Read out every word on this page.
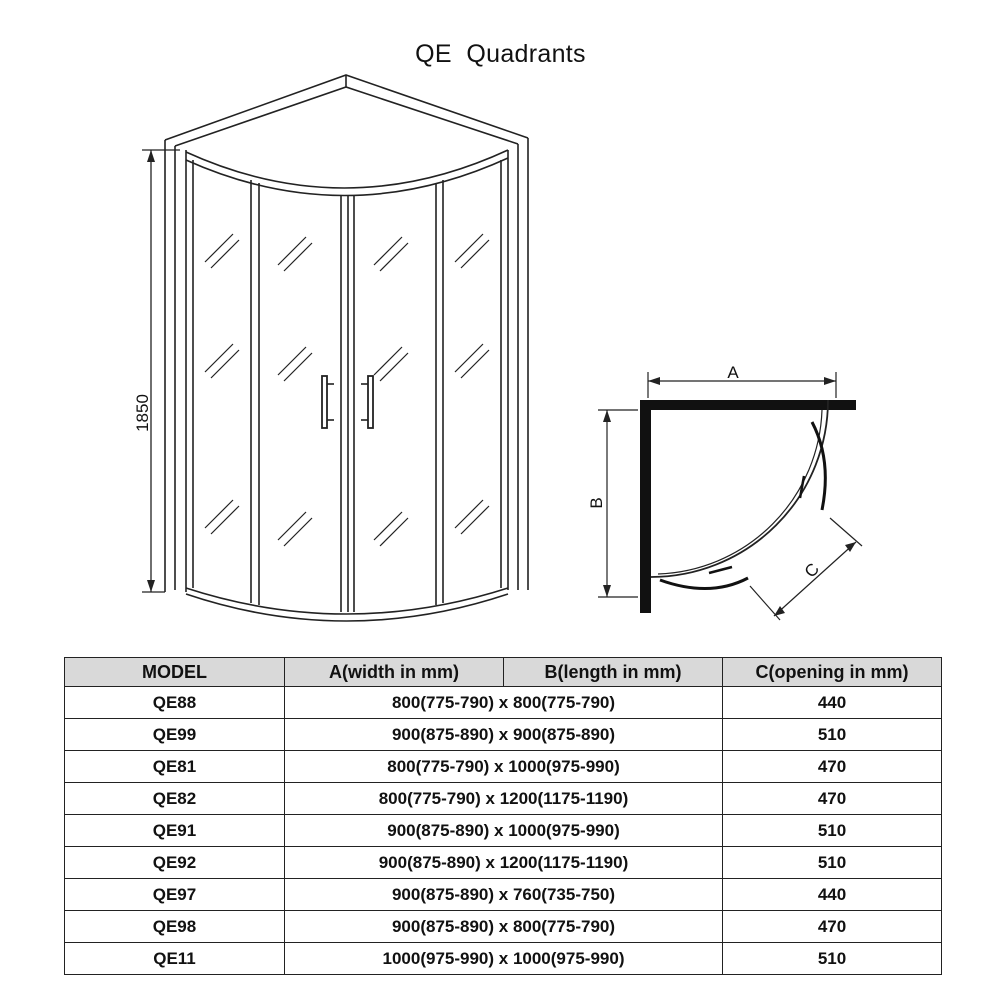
QE  Quadrants
1850
A
B
C
MODEL	A(width in mm)	B(length in mm)	C(opening in mm)
QE88	800(775-790) x 800(775-790)		440
QE99	900(875-890) x 900(875-890)		510
QE81	800(775-790) x 1000(975-990)		470
QE82	800(775-790) x 1200(1175-1190)		470
QE91	900(875-890) x 1000(975-990)		510
QE92	900(875-890) x 1200(1175-1190)		510
QE97	900(875-890) x 760(735-750)		440
QE98	900(875-890) x 800(775-790)		470
QE11	1000(975-990) x 1000(975-990)		510
